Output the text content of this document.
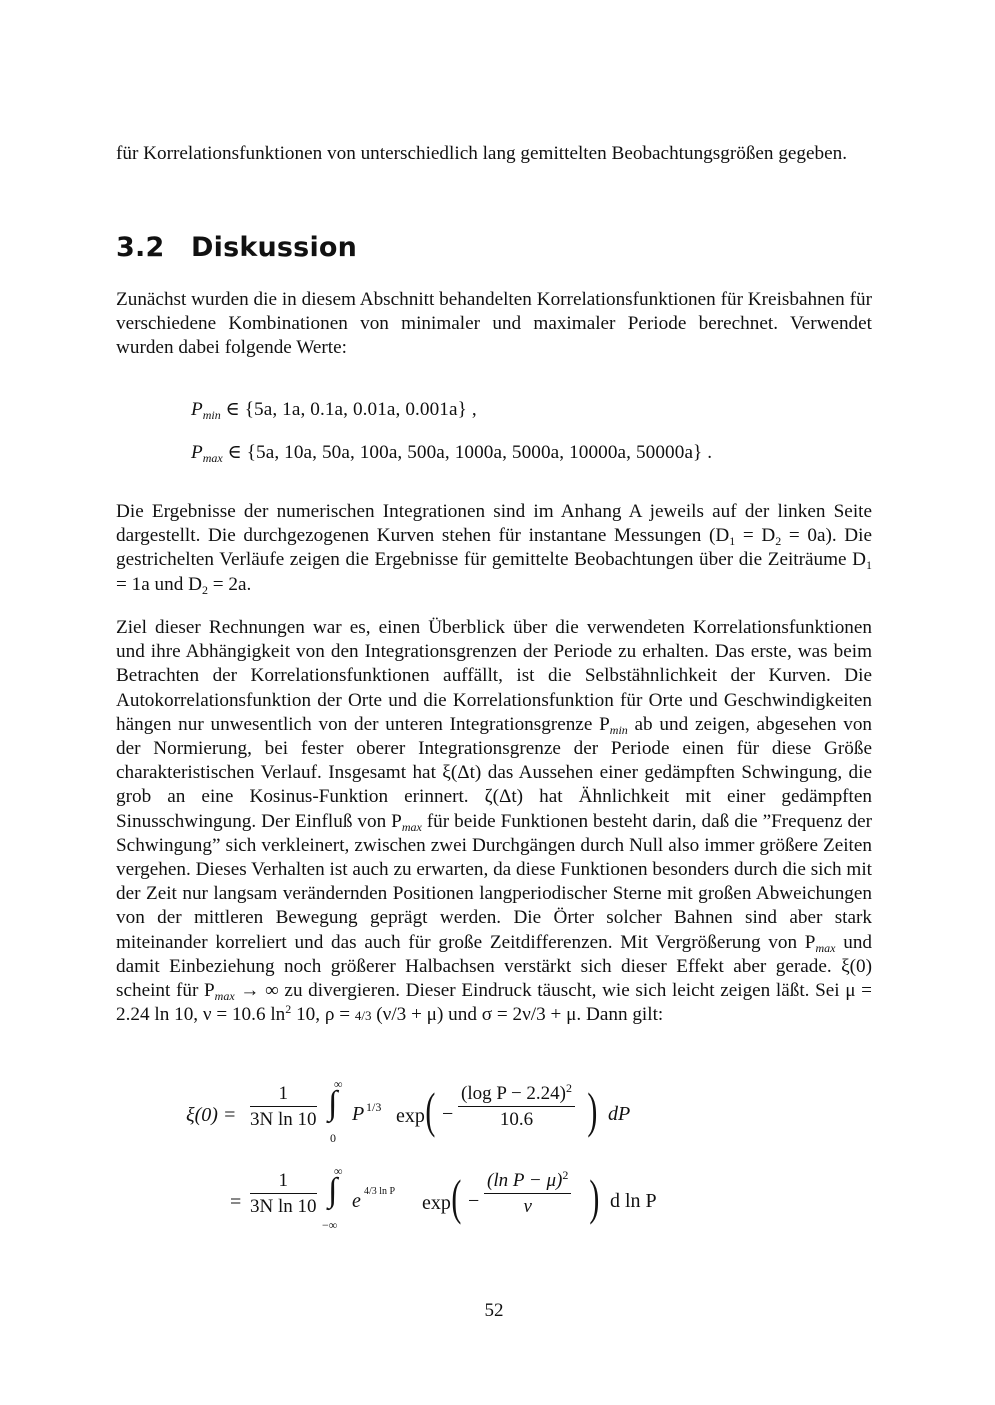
für Korrelationsfunktionen von unterschiedlich lang gemittelten Beobachtungsgrößen gegeben.

3.2 Diskussion

Zunächst wurden die in diesem Abschnitt behandelten Korrelationsfunktionen für Kreisbahnen für verschiedene Kombinationen von minimaler und maximaler Periode berechnet. Verwendet wurden dabei folgende Werte:

$P_{min}$ ∈ {5a, 1a, 0.1a, 0.01a, 0.001a} ,
$P_{max}$ ∈ {5a, 10a, 50a, 100a, 500a, 1000a, 5000a, 10000a, 50000a} .

Die Ergebnisse der numerischen Integrationen sind im Anhang A jeweils auf der linken Seite dargestellt. Die durchgezogenen Kurven stehen für instantane Messungen $(D_1 = D_2 = 0a)$. Die gestrichelten Verläufe zeigen die Ergebnisse für gemittelte Beobachtungen über die Zeiträume $D_1 = 1a$ und $D_2 = 2a$.

Ziel dieser Rechnungen war es, einen Überblick über die verwendeten Korrelationsfunktionen und ihre Abhängigkeit von den Integrationsgrenzen der Periode zu erhalten. Das erste, was beim Betrachten der Korrelationsfunktionen auffällt, ist die Selbstähnlichkeit der Kurven. Die Autokorrelationsfunktion der Orte und die Korrelationsfunktion für Orte und Geschwindigkeiten hängen nur unwesentlich von der unteren Integrationsgrenze $P_{min}$ ab und zeigen, abgesehen von der Normierung, bei fester oberer Integrationsgrenze der Periode einen für diese Größe charakteristischen Verlauf. Insgesamt hat ξ(Δt) das Aussehen einer gedämpften Schwingung, die grob an eine Kosinus-Funktion erinnert. ζ(Δt) hat Ähnlichkeit mit einer gedämpften Sinusschwingung. Der Einfluß von $P_{max}$ für beide Funktionen besteht darin, daß die ”Frequenz der Schwingung” sich verkleinert, zwischen zwei Durchgängen durch Null also immer größere Zeiten vergehen. Dieses Verhalten ist auch zu erwarten, da diese Funktionen besonders durch die sich mit der Zeit nur langsam verändernden Positionen langperiodischer Sterne mit großen Abweichungen von der mittleren Bewegung geprägt werden. Die Örter solcher Bahnen sind aber stark miteinander korreliert und das auch für große Zeitdifferenzen. Mit Vergrößerung von $P_{max}$ und damit Einbeziehung noch größerer Halbachsen verstärkt sich dieser Effekt aber gerade. ξ(0) scheint für $P_{max}$ → ∞ zu divergieren. Dieser Eindruck täuscht, wie sich leicht zeigen läßt. Sei μ = 2.24 ln 10, ν = 10.6 $\ln^2 10$, ρ = 4/3 (ν/3 + μ) und σ = 2ν/3 + μ. Dann gilt:

$\xi(0) = \frac{1}{\text{3N ln 10}}$ ∞
∫
0
P 1/3 exp ( − $\frac{(\log P - 2.24)^2}{10.6}$ ) dP
= $\frac{1}{\text{3N ln 10}}$ ∞
∫
−∞
e 4/3 ln P
exp ( − $\frac{(\ln P - \mu)^2}{\nu}$ ) d ln P
52
